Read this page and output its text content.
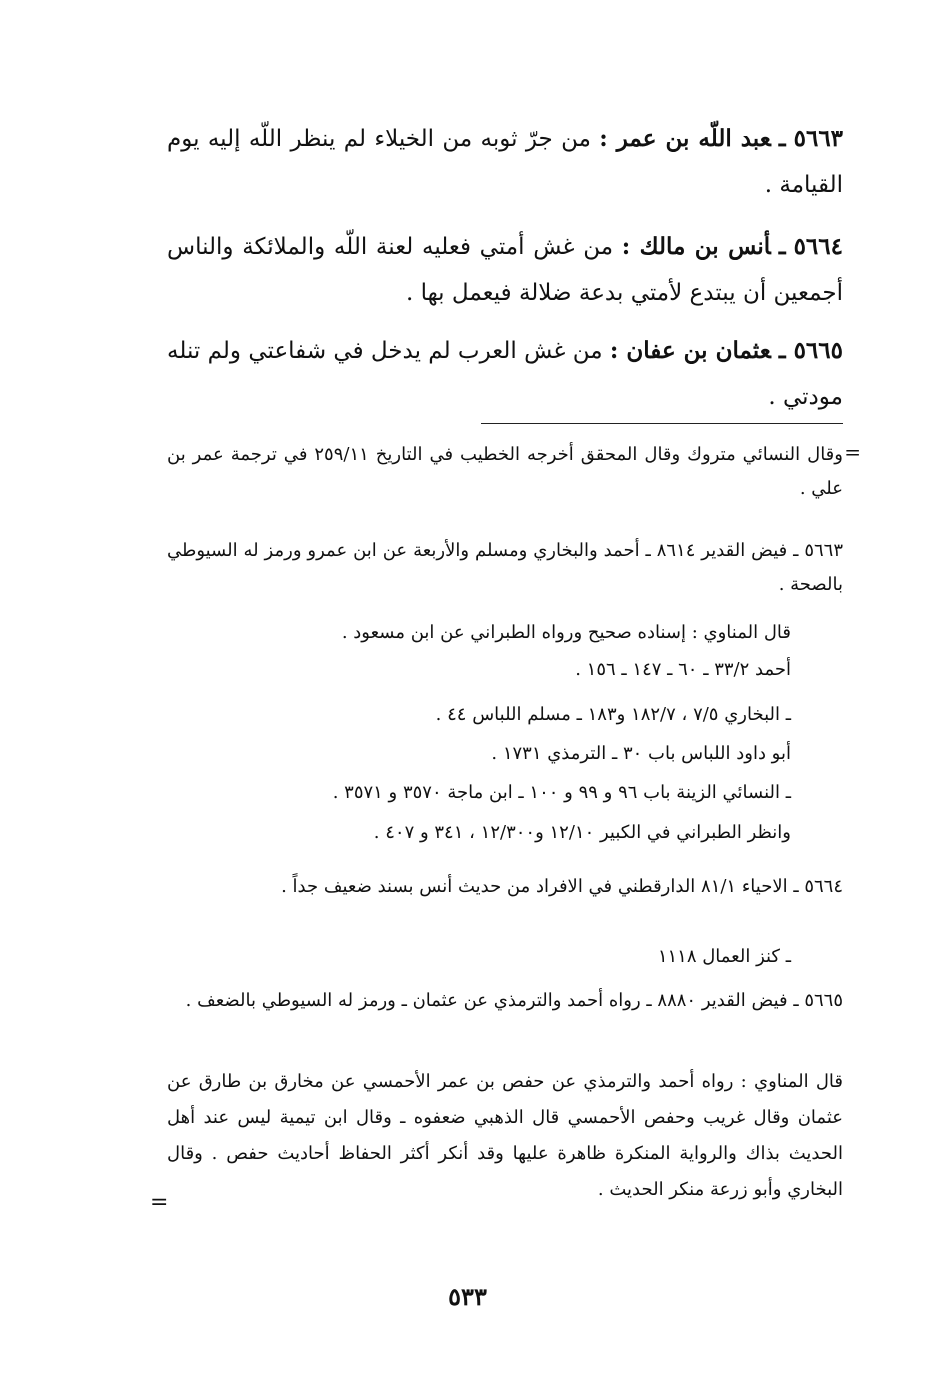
٥٦٦٣ـعبد اللّه بن عمر : من جرّ ثوبه من الخيلاء لم ينظر اللّه إليه يوم القيامة .
٥٦٦٤ـأنس بن مالك : من غش أمتي فعليه لعنة اللّه والملائكة والناس أجمعين أن يبتدع لأمتي بدعة ضلالة فيعمل بها .
٥٦٦٥ـعثمان بن عفان : من غش العرب لم يدخل في شفاعتي ولم تنله مودتي .
=
وقال النسائي متروك وقال المحقق أخرجه الخطيب في التاريخ ٢٥٩/١١ في ترجمة عمر بن علي .
٥٦٦٣ ـ فيض القدير ٨٦١٤ ـ أحمد والبخاري ومسلم والأربعة عن ابن عمرو ورمز له السيوطي بالصحة .
قال المناوي : إسناده صحيح ورواه الطبراني عن ابن مسعود .
أحمد ٣٣/٢ ـ ٦٠ ـ ١٤٧ ـ ١٥٦ .
ـ البخاري ٧/٥ ، ١٨٢/٧ و١٨٣ ـ مسلم اللباس ٤٤ .
أبو داود اللباس باب ٣٠ ـ الترمذي ١٧٣١ .
ـ النسائي الزينة باب ٩٦ و ٩٩ و ١٠٠ ـ ابن ماجة ٣٥٧٠ و ٣٥٧١ .
وانظر الطبراني في الكبير ١٢/١٠ و١٢/٣٠٠ ، ٣٤١ و ٤٠٧ .
٥٦٦٤ ـ الاحياء ٨١/١ الدارقطني في الافراد من حديث أنس بسند ضعيف جداً .
ـ كنز العمال ١١١٨
٥٦٦٥ ـ فيض القدير ٨٨٨٠ ـ رواه أحمد والترمذي عن عثمان ـ ورمز له السيوطي بالضعف .
قال المناوي : رواه أحمد والترمذي عن حفص بن عمر الأحمسي عن مخارق بن طارق عن عثمان وقال غريب وحفص الأحمسي قال الذهبي ضعفوه ـ وقال ابن تيمية ليس عند أهل الحديث بذاك والرواية المنكرة ظاهرة عليها وقد أنكر أكثر الحفاظ أحاديث حفص . وقال البخاري وأبو زرعة منكر الحديث .
=
٥٣٣
